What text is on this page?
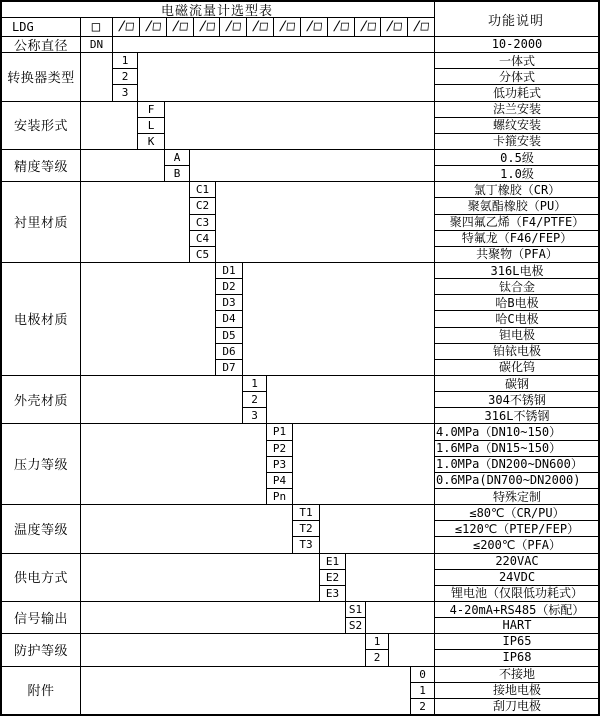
电磁流量计选型表
功能说明
LDG	□	/□ /□ /□ /□ /□ /□ /□ /□ /□ /□ /□ /□
公称直径	DN	10-2000
转换器类型
1	一体式
2	分体式
3	低功耗式
安装形式
F	法兰安装
L	螺纹安装
K	卡箍安装
精度等级
A	0.5级
B	1.0级
衬里材质
C1	氯丁橡胶（CR）
C2	聚氨酯橡胶（PU）
C3	聚四氟乙烯（F4/PTFE）
C4	特氟龙（F46/FEP）
C5	共聚物（PFA）
电极材质
D1	316L电极
D2	钛合金
D3	哈B电极
D4	哈C电极
D5	钽电极
D6	铂铱电极
D7	碳化钨
外壳材质
1	碳钢
2	304不锈钢
3	316L不锈钢
压力等级
P1	4.0MPa（DN10~150）
P2	1.6MPa（DN15~150）
P3	1.0MPa（DN200~DN600）
P4	0.6MPa(DN700~DN2000)
Pn	特殊定制
温度等级
T1	≤80℃（CR/PU）
T2	≤120℃（PTEP/FEP）
T3	≤200℃（PFA）
供电方式
E1	220VAC
E2	24VDC
E3	锂电池（仅限低功耗式）
信号输出
S1	4-20mA+RS485（标配）
S2	HART
防护等级
1	IP65
2	IP68
附件
0	不接地
1	接地电极
2	刮刀电极
